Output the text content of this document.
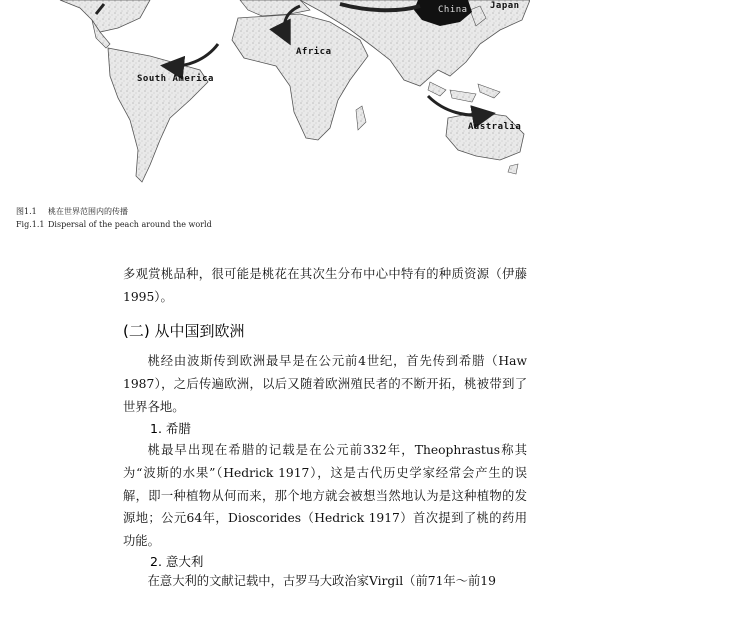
Japan
China
Africa
South America
Australia
图1.1 桃在世界范围内的传播
Fig.1.1 Dispersal of the peach around the world

多观赏桃品种，很可能是桃花在其次生分布中心中特有的种质资源（伊藤 1995）。

(二) 从中国到欧洲

桃经由波斯传到欧洲最早是在公元前4世纪，首先传到希腊（Haw 1987），之后传遍欧洲，以后又随着欧洲殖民者的不断开拓，桃被带到了世界各地。

1. 希腊

桃最早出现在希腊的记载是在公元前332年，Theophrastus称其为“波斯的水果”（Hedrick 1917），这是古代历史学家经常会产生的误解，即一种植物从何而来，那个地方就会被想当然地认为是这种植物的发源地；公元64年，Dioscorides（Hedrick 1917）首次提到了桃的药用功能。

2. 意大利

在意大利的文献记载中，古罗马大政治家Virgil（前71年～前19
